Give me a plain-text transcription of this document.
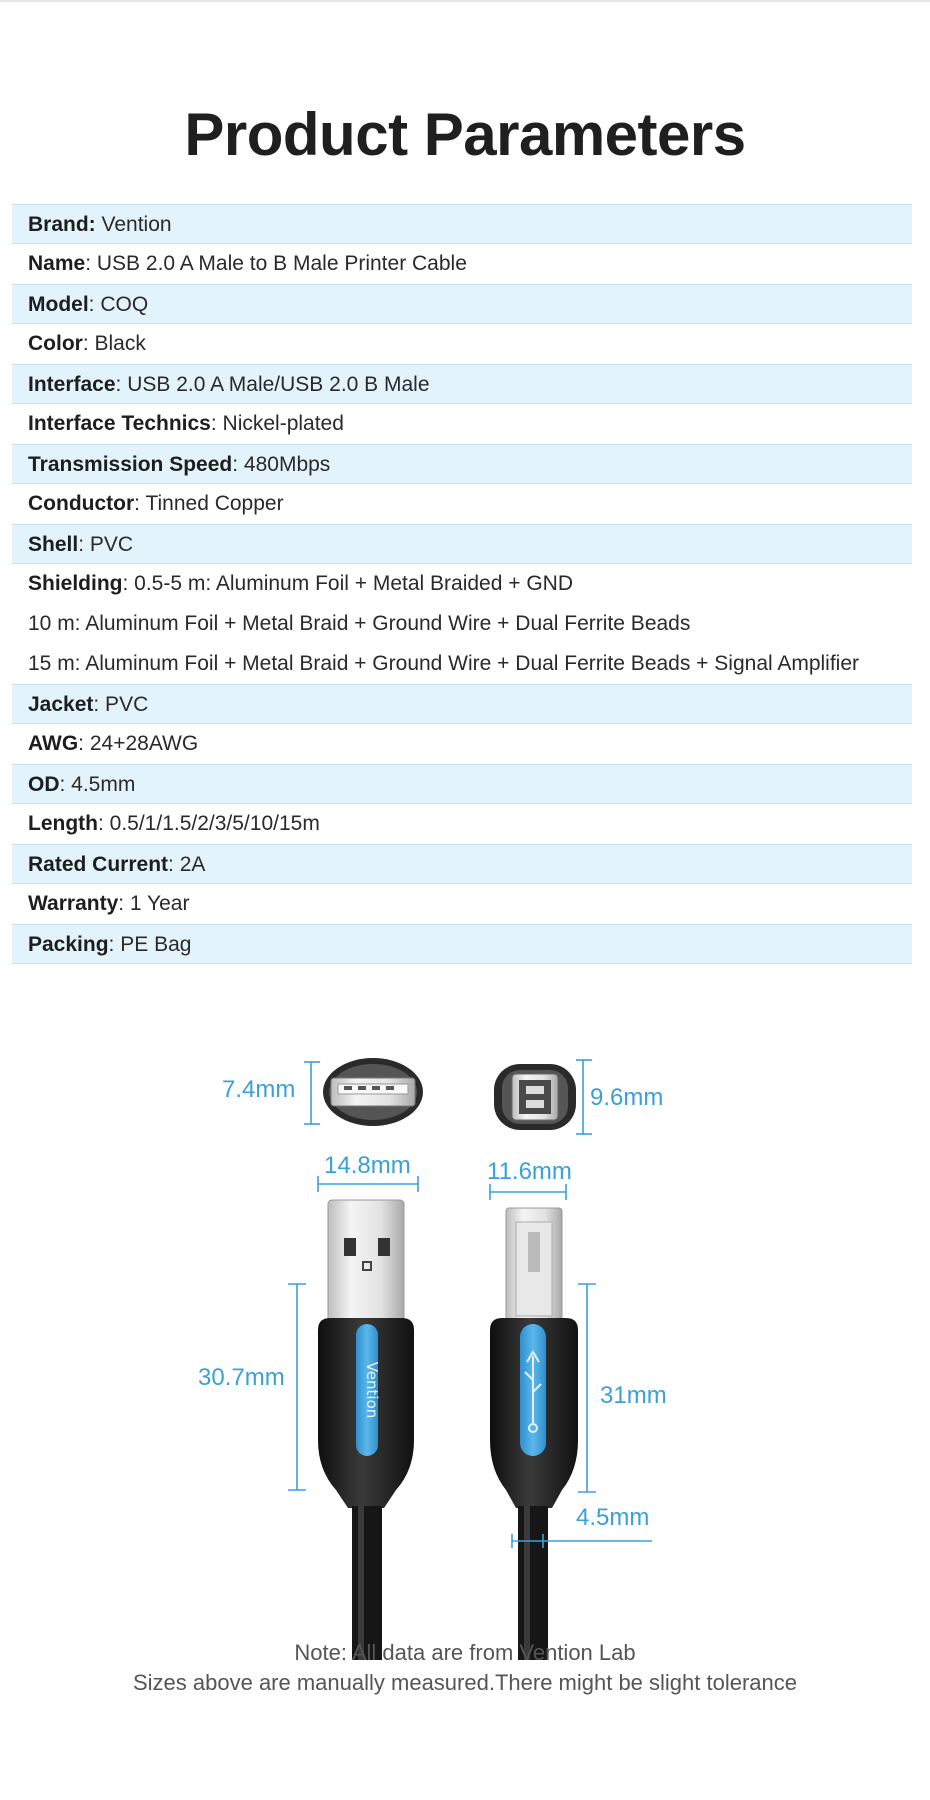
Product Parameters
Brand: Vention
Name: USB 2.0 A Male to B Male Printer Cable
Model: COQ
Color: Black
Interface: USB 2.0 A Male/USB 2.0 B Male
Interface Technics: Nickel-plated
Transmission Speed: 480Mbps
Conductor: Tinned Copper
Shell: PVC
Shielding: 0.5-5 m: Aluminum Foil + Metal Braided + GND
10 m: Aluminum Foil + Metal Braid + Ground Wire + Dual Ferrite Beads
15 m: Aluminum Foil + Metal Braid + Ground Wire + Dual Ferrite Beads + Signal Amplifier
Jacket: PVC
AWG: 24+28AWG
OD: 4.5mm
Length: 0.5/1/1.5/2/3/5/10/15m
Rated Current: 2A
Warranty: 1 Year
Packing: PE Bag
Vention
7.4mm	9.6mm
14.8mm	11.6mm
30.7mm
31mm
4.5mm
Note: All data are from Vention Lab
Sizes above are manually measured.There might be slight tolerance
